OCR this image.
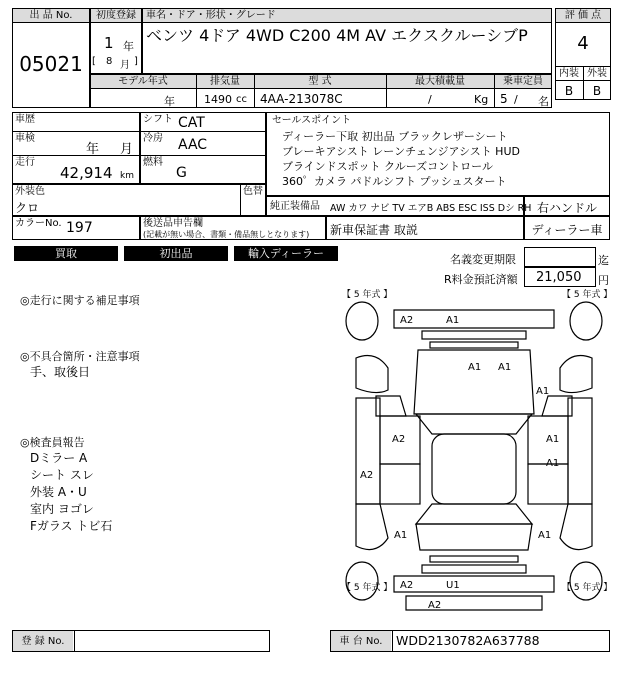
出 品 No.
05021
初度登録
1 年
[ 8 月 ]
車名・ドア・形状・グレード
ベンツ 4ドア 4WD C200 4M AV エクスクルーシブP
評 価 点
4
内装 外装
B	B
モデル年式	排気量	型 式	最大積載量	乗車定員
年	1490 cc 4AA-213078C	/	Kg 5 / 名
車歴
車検
年 月
走行
42,914 km
シフト CAT
冷房 AAC
燃料
G
セールスポイント
ディーラー下取 初出品 ブラックレザーシート
ブレーキアシスト レーンチェンジアシスト HUD
ブラインドスポット クルーズコントロール
360゜カメラ パドルシフト プッシュスタート
外装色
クロ
色替
純正装備品 AW カワ ナビ TV エアB ABS ESC ISS Dシ RH 右ハンドル
カラーNo. 197	後送品申告欄
(記載が無い場合、書類・備品無しとなります) 新車保証書 取説	ディーラー車
買取	初出品	輸入ディーラー	名義変更期限	迄
R料金預託済額 21,050 円
◎走行に関する補足事項
◎不具合箇所・注意事項
手、取後日
◎検査員報告
Dミラー A
シート スレ
外装 A・U
室内 ヨゴレ
Fガラス トビ石
【 5 年式 】	【 5 年式 】
【 5 年式 】	【 5 年式 】
A2	A1
A1 A1
A1
A2	A1
A1
A2
A1	A1
A2	U1
A2
登 録 No.	車 台 No.	WDD2130782A637788
